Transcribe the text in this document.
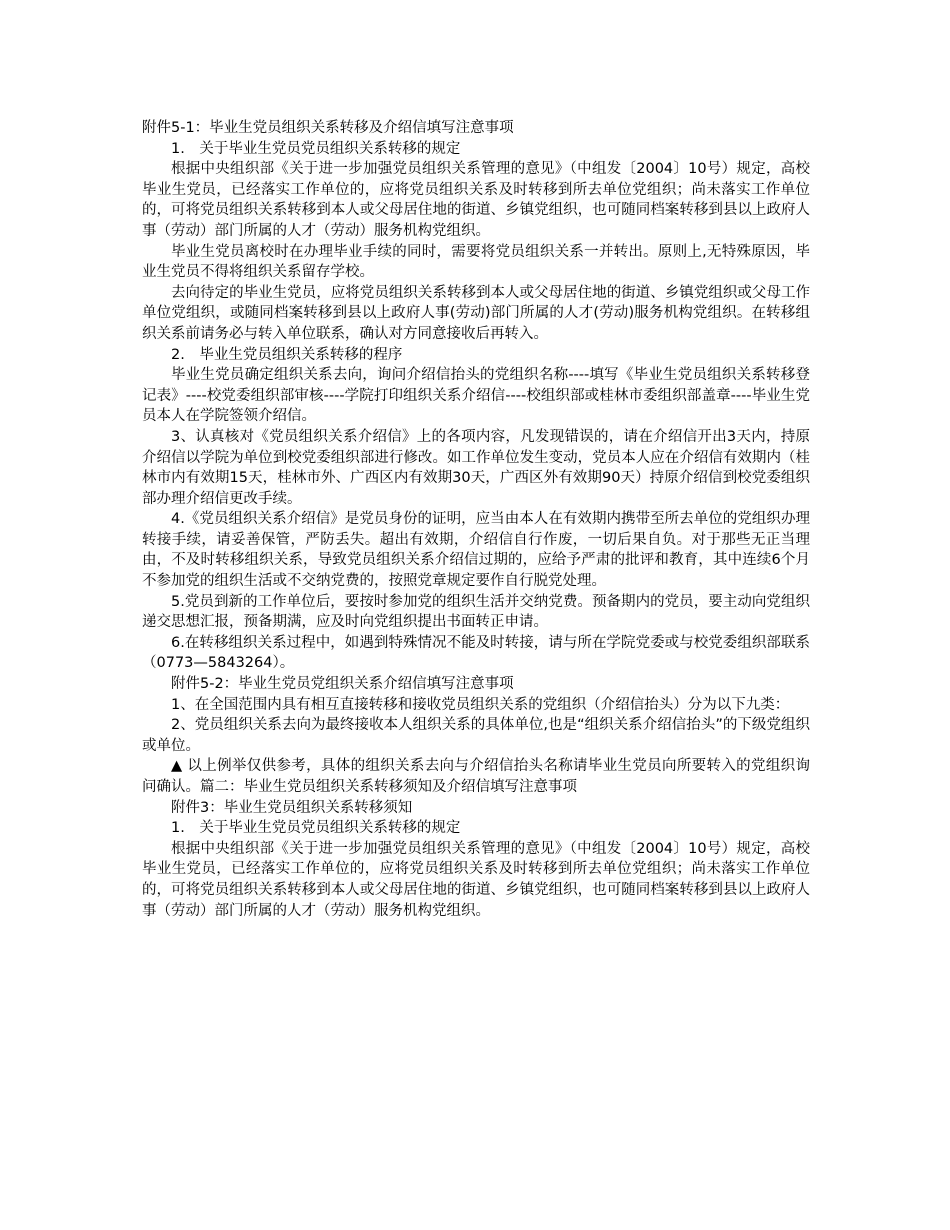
附件5-1：毕业生党员组织关系转移及介绍信填写注意事项

1.　关于毕业生党员党员组织关系转移的规定

根据中央组织部《关于进一步加强党员组织关系管理的意见》（中组发〔2004〕10号）规定，高校毕业生党员，已经落实工作单位的，应将党员组织关系及时转移到所去单位党组织；尚未落实工作单位的，可将党员组织关系转移到本人或父母居住地的街道、乡镇党组织，也可随同档案转移到县以上政府人事（劳动）部门所属的人才（劳动）服务机构党组织。

毕业生党员离校时在办理毕业手续的同时，需要将党员组织关系一并转出。原则上,无特殊原因，毕业生党员不得将组织关系留存学校。

去向待定的毕业生党员，应将党员组织关系转移到本人或父母居住地的街道、乡镇党组织或父母工作单位党组织，或随同档案转移到县以上政府人事(劳动)部门所属的人才(劳动)服务机构党组织。在转移组织关系前请务必与转入单位联系，确认对方同意接收后再转入。

2.　毕业生党员组织关系转移的程序

毕业生党员确定组织关系去向，询问介绍信抬头的党组织名称----填写《毕业生党员组织关系转移登记表》----校党委组织部审核----学院打印组织关系介绍信----校组织部或桂林市委组织部盖章----毕业生党员本人在学院签领介绍信。

3、认真核对《党员组织关系介绍信》上的各项内容，凡发现错误的，请在介绍信开出3天内，持原介绍信以学院为单位到校党委组织部进行修改。如工作单位发生变动，党员本人应在介绍信有效期内（桂林市内有效期15天，桂林市外、广西区内有效期30天，广西区外有效期90天）持原介绍信到校党委组织部办理介绍信更改手续。

4.《党员组织关系介绍信》是党员身份的证明，应当由本人在有效期内携带至所去单位的党组织办理转接手续，请妥善保管，严防丢失。超出有效期，介绍信自行作废，一切后果自负。对于那些无正当理由，不及时转移组织关系，导致党员组织关系介绍信过期的，应给予严肃的批评和教育，其中连续6个月不参加党的组织生活或不交纳党费的，按照党章规定要作自行脱党处理。

5.党员到新的工作单位后，要按时参加党的组织生活并交纳党费。预备期内的党员，要主动向党组织递交思想汇报，预备期满，应及时向党组织提出书面转正申请。

6.在转移组织关系过程中，如遇到特殊情况不能及时转接，请与所在学院党委或与校党委组织部联系（0773—5843264）。

附件5-2：毕业生党员党组织关系介绍信填写注意事项

1、在全国范围内具有相互直接转移和接收党员组织关系的党组织（介绍信抬头）分为以下九类：

2、党员组织关系去向为最终接收本人组织关系的具体单位,也是“组织关系介绍信抬头”的下级党组织或单位。

▲ 以上例举仅供参考，具体的组织关系去向与介绍信抬头名称请毕业生党员向所要转入的党组织询问确认。篇二：毕业生党员组织关系转移须知及介绍信填写注意事项

附件3：毕业生党员组织关系转移须知

1.　关于毕业生党员党员组织关系转移的规定

根据中央组织部《关于进一步加强党员组织关系管理的意见》（中组发〔2004〕10号）规定，高校毕业生党员，已经落实工作单位的，应将党员组织关系及时转移到所去单位党组织；尚未落实工作单位的，可将党员组织关系转移到本人或父母居住地的街道、乡镇党组织，也可随同档案转移到县以上政府人事（劳动）部门所属的人才（劳动）服务机构党组织。
